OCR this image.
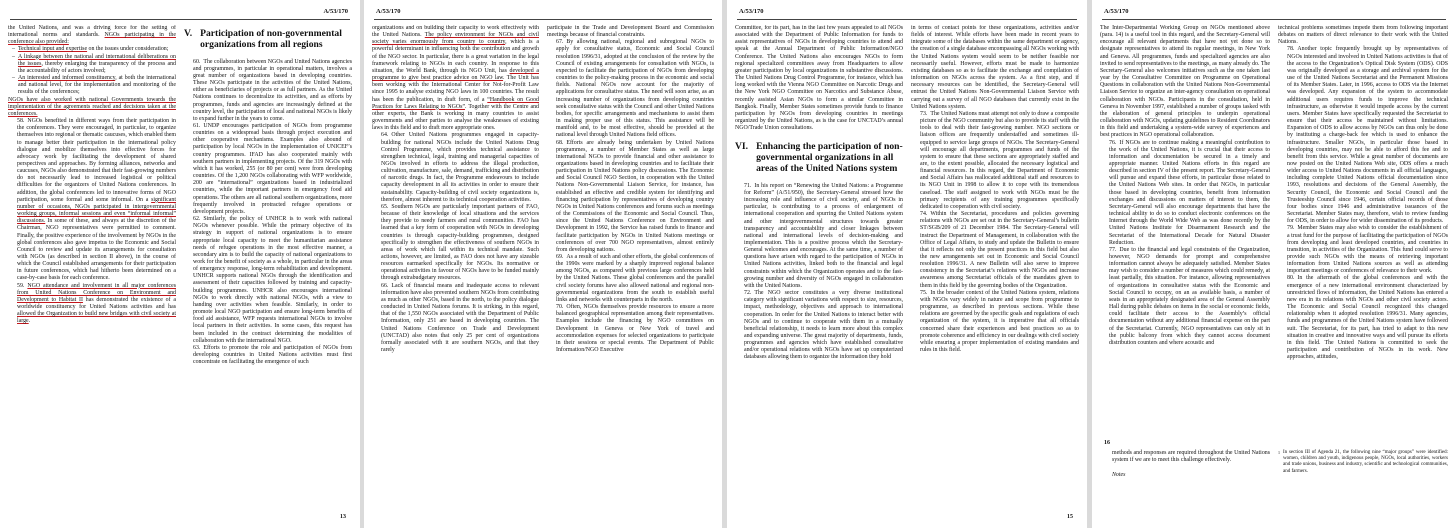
A/53/170

the United Nations, and was a driving force for the setting of international norms and standards. NGOs participating in the conference also provided:

– Technical input and expertise on the issues under consideration;
– A linkage between the national and international deliberations on the issues, thereby enlarging the transparency of the process and the accountability of actors involved;
– An interested and informed constituency, at both the international and national level, for the implementation and monitoring of the results of the conferences;

NGOs have also worked with national Governments towards the implementation of the agreements reached and decisions taken at the conferences.

58. NGOs benefited in different ways from their participation in the conferences. They were encouraged, in particular, to organize themselves into regional or thematic caucuses, which enabled them to manage better their participation in the international policy dialogue and mobilize themselves into effective forces for advocacy work by facilitating the development of shared perspectives and approaches. By forming alliances, networks and caucuses, NGOs also demonstrated that their fast-growing numbers do not necessarily lead to increased logistical or political difficulties for the organizers of United Nations conferences. In addition, the global conferences led to innovative forms of NGO participation, some formal and some informal. On a significant number of occasions, NGOs participated in intergovernmental working groups, informal sessions and even “informal informal” discussions. In some of these, and always at the discretion of the Chairman, NGO representatives were permitted to comment. Finally, the positive experience of the involvement by NGOs in the global conferences also gave impetus to the Economic and Social Council to review and update its arrangements for consultation with NGOs (as described in section II above), in the course of which the Council established arrangements for their participation in future conferences, which had hitherto been determined on a case-by-case basis for each conference.

59. NGO attendance and involvement in all major conferences from United Nations Conference on Environment and Development to Habitat II has demonstrated the existence of a worldwide constituency for United Nations activities and has allowed the Organization to build new bridges with civil society at large.

V. Participation of non-governmental organizations from all regions

60. The collaboration between NGOs and United Nations agencies and programmes, in particular in operational matters, involves a great number of organizations based in developing countries. These NGOs participate in the activities of the United Nations, either as beneficiaries of projects or as full partners. As the United Nations continues to decentralize its activities, and as efforts by programmes, funds and agencies are increasingly defined at the country level, the participation of local and national NGOs is likely to expand further in the years to come.

61. UNDP encourages participation of NGOs from programme countries on a widespread basis through project execution and other cooperative mechanisms. Examples also abound of participation by local NGOs in the implementation of UNICEF’s country programmes. IFAD has also cooperated mainly with southern partners in implementing projects. Of the 319 NGOs with which it has worked, 255 (or 80 per cent) were from developing countries. Of the 1,200 NGOs collaborating with WFP worldwide, 200 are “international” organizations based in industrialized countries, while the important partners in emergency food aid operations. The others are all national southern organizations, more frequently involved in protracted refugee operations or development projects.

62. Similarly, the policy of UNHCR is to work with national NGOs whenever possible. While the primary objective of its strategy in support of national organizations is to ensure appropriate local capacity to meet the humanitarian assistance needs of refugee operations in the most effective manner, a secondary aim is to build the capacity of national organizations to work for the benefit of society as a whole, in particular in the areas of emergency response, long-term rehabilitation and development. UNHCR supports national NGOs through the identification and assessment of their capacities followed by training and capacity-building programmes. UNHCR also encourages international NGOs to work directly with national NGOs, with a view to handing over activities when feasible. Similarly, in order to promote local NGO participation and ensure long-term benefits of food aid assistance, WFP requests international NGOs to involve local partners in their activities. In some cases, this request has been included in the contract determining the modalities of collaboration with the international NGO.

63. Efforts to promote the role and participation of NGOs from developing countries in United Nations activities must first concentrate on facilitating the emergence of such

13
A/53/170

organizations and on building their capacity to work effectively with the United Nations. The policy environment for NGOs and civil society varies enormously from country to country, which is a powerful determinant in influencing both the contribution and growth of the NGO sector. In particular, there is a great variation in the legal framework relating to NGOs in each country. In response to this situation, the World Bank, through its NGO Unit, has developed a programme to give best practice advice on NGO law. The Unit has been working with the International Center for Not-for-Profit Law since 1995 to analyse existing NGO laws in 100 countries. The result has been the publication, in draft form, of a “Handbook on Good Practices for Laws Relating to NGOs”. Together with the Centre and other experts, the Bank is working in many countries to assist governments and other parties to analyse the weaknesses of existing laws in this field and to draft more appropriate ones.

64. Other United Nations programmes engaged in capacity-building for national NGOs include the United Nations Drug Control Programme, which provides technical assistance to strengthen technical, legal, training and managerial capacities of NGOs involved in efforts to address the illegal production, cultivation, manufacture, sale, demand, trafficking and distribution of narcotic drugs. In fact, the Programme endeavours to include capacity development in all its activities in order to ensure their sustainability. Capacity-building of civil society organizations is, therefore, almost inherent to its technical cooperation activities.

65. Southern NGOs are particularly important partners of FAO, because of their knowledge of local situations and the services they provide to needy farmers and rural communities. FAO has learned that a key form of cooperation with NGOs in developing countries is through capacity-building programmes, designed specifically to strengthen the effectiveness of southern NGOs in areas of work which fall within its technical mandate. Such actions, however, are limited, as FAO does not have any sizeable resources earmarked specifically for NGOs. Its normative or operational activities in favour of NGOs have to be funded mainly through extrabudgetary resources.

66. Lack of financial means and inadequate access to relevant information have also prevented southern NGOs from contributing as much as other NGOs, based in the north, to the policy dialogue conducted in United Nations forums. It is striking, in this regard, that of the 1,550 NGOs associated with the Department of Public Information, only 251 are based in developing countries. The United Nations Conference on Trade and Development (UNCTAD) also notes that only 25 per cent of organizations formally associated with it are southern NGOs, and that they rarely

participate in the Trade and Development Board and Commission meetings because of financial constraints.

67. By allowing national, regional and subregional NGOs to apply for consultative status, Economic and Social Council resolution 1996/31, adopted at the conclusion of the review by the Council of existing arrangements for consultation with NGOs, is expected to facilitate the participation of NGOs from developing countries to the policy-making process in the economic and social fields. National NGOs now account for the majority of applications for consultative status. The need will soon arise, as an increasing number of organizations from developing countries seek consultative status with the Council and other United Nations bodies, for specific arrangements and mechanisms to assist them in making proper use of this status. This assistance will be manifold and, to be most effective, should be provided at the national level through United Nations field offices.

68. Efforts are already being undertaken by United Nations programmes, a number of Member States as well as large international NGOs to provide financial and other assistance to organizations based in developing countries and to facilitate their participation in United Nations policy discussions. The Economic and Social Council NGO Section, in cooperation with the United Nations Non-Governmental Liaison Service, for instance, has established an effective and credible system for identifying and financing participation by representatives of developing country NGOs in United Nations conferences and forums such as meetings of the Commissions of the Economic and Social Council. Thus, since the United Nations Conference on Environment and Development in 1992, the Service has raised funds to finance and facilitate participation by NGOs in United Nations meetings or conferences of over 700 NGO representatives, almost entirely from developing nations.

69. As a result of such and other efforts, the global conferences of the 1990s were marked by a sharply improved regional balance among NGOs, as compared with previous large conferences held by the United Nations. These global conferences and the parallel civil society forums have also allowed national and regional non-governmental organizations from the south to establish useful links and networks with counterparts in the north.

70. Often, NGOs themselves provide resources to ensure a more balanced geographical representation among their representatives. Examples include the financing by NGO committees on Development in Geneva or New York of travel and accommodation expenses for selected organizations to participate in their sessions or special events. The Department of Public Information/NGO Executive

A/53/170

Committee, for its part, has in the last few years appealed to all NGOs associated with the Department of Public Information for funds to assist representatives of NGOs in developing countries to attend and speak at the Annual Department of Public Information/NGO Conference. The United Nations also encourages NGOs to form regional specialized committees away from Headquarters to allow greater participation by local organizations in substantive discussions. The United Nations Drug Control Programme, for instance, which has long worked with the Vienna NGO Committee on Narcotic Drugs and the New York NGO Committee on Narcotics and Substance Abuse, recently assisted Asian NGOs to form a similar Committee in Bangkok. Finally, Member States sometimes provide funds to finance participation by NGOs from developing countries in meetings organized by the United Nations, as is the case for UNCTAD’s annual NGO/Trade Union consultations.

VI. Enhancing the participation of non-governmental organizations in all areas of the United Nations system

71. In his report on “Renewing the United Nations: a Programme for Reform” (A/51/950), the Secretary-General stressed how the increasing role and influence of civil society, and of NGOs in particular, is contributing to a process of enlargement of international cooperation and spurring the United Nations system and other intergovernmental structures towards greater transparency and accountability and closer linkages between national and international levels of decision-making and implementation. This is a positive process which the Secretary-General welcomes and encourages. At the same time, a number of questions have arisen with regard to the participation of NGOs in United Nations activities, linked both to the financial and legal constraints within which the Organization operates and to the fast-growing number and diversity of NGOs engaged in collaboration with the United Nations.

72. The NGO sector constitutes a very diverse institutional category with significant variations with respect to size, resources, impact, methodology, objectives and approach to international cooperation. In order for the United Nations to interact better with NGOs and to continue to cooperate with them in a mutually beneficial relationship, it needs to learn more about this complex and expanding universe. The great majority of departments, funds, programmes and agencies which have established consultative and/or operational relations with NGOs have set up computerized databases allowing them to organize the information they hold

in terms of contact points for these organizations, activities and/or fields of interest. While efforts have been made in recent years to integrate some of the databases within the same department or agency, the creation of a single database encompassing all NGOs working with the United Nations system would seem to be neither feasible nor necessarily useful. However, efforts must be made to harmonize existing databases so as to facilitate the exchange and compilation of information on NGOs across the system. As a first step, and if necessary resources can be identified, the Secretary-General will entrust the United Nations Non-Governmental Liaison Service with carrying out a survey of all NGO databases that currently exist in the United Nations system.

73. The United Nations must attempt not only to draw a composite picture of the NGO community but also to provide its staff with the tools to deal with their fast-growing number. NGO sections or liaison offices are frequently understaffed and sometimes ill-equipped to service large groups of NGOs. The Secretary-General will encourage all departments, programmes and funds of the system to ensure that these sections are appropriately staffed and are, to the extent possible, allocated the necessary logistical and financial resources. In this regard, the Department of Economic and Social Affairs has reallocated additional staff and resources to its NGO Unit in 1998 to allow it to cope with its tremendous caseload. The staff assigned to work with NGOs must be the primary recipients of any training programmes specifically dedicated to cooperation with civil society.

74. Within the Secretariat, procedures and policies governing relations with NGOs are set out in the Secretary-General’s bulletin ST/SGB/209 of 21 December 1984. The Secretary-General will instruct the Department of Management, in collaboration with the Office of Legal Affairs, to study and update the Bulletin to ensure that it reflects not only the present practices in this field but also the new arrangements set out in Economic and Social Council resolution 1996/31. A new Bulletin will also serve to improve consistency in the Secretariat’s relations with NGOs and increase awareness among Secretariat officials of the mandates given to them in this field by the governing bodies of the Organization.

75. In the broader context of the United Nations system, relations with NGOs vary widely in nature and scope from programme to programme, as described in previous sections. While these relations are governed by the specific goals and regulations of each organization of the system, it is imperative that all officials concerned share their experiences and best practices so as to promote coherence and efficiency in our dealings with civil society while ensuring a proper implementation of existing mandates and rules in this field.

15
A/53/170

The Inter-Departmental Working Group on NGOs mentioned above (para. 14) is a useful tool in this regard, and the Secretary-General will encourage all relevant departments that have not yet done so to designate representatives to attend its regular meetings, in New York and Geneva. All programmes, funds and specialized agencies are also invited to send representatives to the meetings, as many already do. The Secretary-General also welcomes initiatives such as the one taken last year by the Consultative Committee on Programme on Operational Questions in collaboration with the United Nations Non-Governmental Liaison Service to organize an inter-agency consultation on operational collaboration with NGOs. Participants in the consultation, held in Geneva in November 1997, established a number of groups tasked with the elaboration of general principles to underpin operational collaboration with NGOs, updating guidelines to Resident Coordinators in this field and undertaking a system-wide survey of experiences and best practices in NGO operational collaboration.

76. If NGOs are to continue making a meaningful contribution to the work of the United Nations, it is crucial that their access to information and documentation be secured in a timely and appropriate manner. United Nations efforts in this regard are described in section IV of the present report. The Secretary-General will pursue and expand these efforts, in particular those related to the United Nations Web sites. In order that NGOs, in particular those based in developing countries, benefit from information exchanges and discussions on matters of interest to them, the Secretary-General will also encourage departments that have the technical ability to do so to conduct electronic conferences on the Internet through the World Wide Web as was done recently by the United Nations Institute for Disarmament Research and the Secretariat of the International Decade for Natural Disaster Reduction.

77. Due to the financial and legal constraints of the Organization, however, NGO demands for prompt and comprehensive information cannot always be adequately satisfied. Member States may wish to consider a number of measures which could remedy, at least partially, this situation. For instance, allowing representatives of organizations in consultative status with the Economic and Social Council to occupy, on an as available basis, a number of seats in an appropriately designated area of the General Assembly Hall during public debates on items in the social or economic fields, could facilitate their access to the Assembly’s official documentation without any additional financial expense on the part of the Secretariat. Currently, NGO representatives can only sit in the public balcony from which they cannot access document distribution counters and where acoustic and

technical problems sometimes impede them from following important debates on matters of direct relevance to their work with the United Nations.

78. Another topic frequently brought up by representatives of NGOs interested and involved in United Nations activities is that of the access to the Organization’s Optical Disk System (ODS). ODS was originally developed as a storage and archival system for the use of the United Nations Secretariat and the Permanent Missions of its Member States. Later, in 1996, access to ODS via the Internet was developed. Any expansion of the system to accommodate additional users requires funds to improve the technical infrastructure, as otherwise it would impede access by the current users. Member States have specifically requested the Secretariat to ensure that their access be maintained without limitations. Expansion of ODS to allow access by NGOs can thus only be done by instituting a charge-back fee which is used to enhance the infrastructure. Smaller NGOs, in particular those based in developing countries, may not be able to afford this fee and to benefit from this service. While a great number of documents are now posted on the United Nations Web site, ODS offers a much wider access to United Nations documents in all official languages, including complete United Nations official documentation since 1993, resolutions and decisions of the General Assembly, the Security Council, the Economic and Social Council and the Trusteeship Council since 1946, certain official records of those four bodies since 1946 and administrative issuances of the Secretariat. Member States may, therefore, wish to review funding for ODS, in order to allow for wider dissemination of its products.

79. Member States may also wish to consider the establishment of a trust fund for the purpose of facilitating the participation of NGOs from developing and least developed countries, and countries in transition, in activities of the Organization. This fund could serve to provide such NGOs with the means of retrieving important information from United Nations sources as well as attending important meetings or conferences of relevance to their work.

80. In the aftermath of the global conferences and with the emergence of a new international environment characterized by unrestricted flows of information, the United Nations has entered a new era in its relations with NGOs and other civil society actors. The Economic and Social Council recognized this changed relationship when it adopted resolution 1996/31. Many agencies, funds and programmes of the United Nations system have followed suit. The Secretariat, for its part, has tried to adapt to this new situation in creative and innovative ways and will pursue its efforts in this field. The United Nations is committed to seek the participation and contribution of NGOs in its work. New approaches, attitudes,

16

methods and responses are required throughout the United Nations system if we are to meet this challenge effectively.

Notes
1 In section III of Agenda 21, the following nine “major groups” were identified: women, children and youth, indigenous people, NGOs, local authorities, workers and trade unions, business and industry, scientific and technological communities, and farmers.
